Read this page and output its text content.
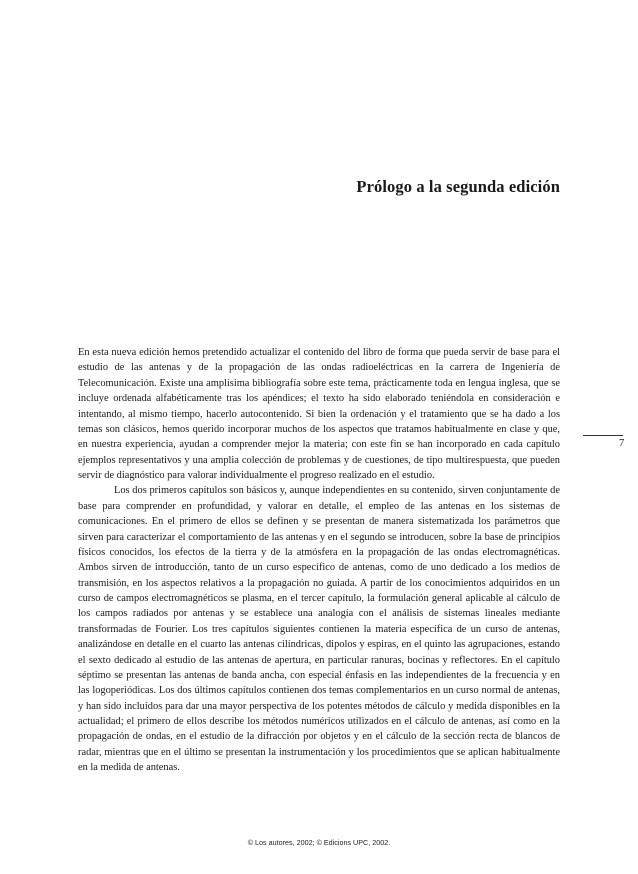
Prólogo a la segunda edición

En esta nueva edición hemos pretendido actualizar el contenido del libro de forma que pueda servir de base para el estudio de las antenas y de la propagación de las ondas radioeléctricas en la carrera de Ingeniería de Telecomunicación. Existe una amplísima bibliografía sobre este tema, prácticamente toda en lengua inglesa, que se incluye ordenada alfabéticamente tras los apéndices; el texto ha sido elaborado teniéndola en consideración e intentando, al mismo tiempo, hacerlo autocontenido. Si bien la ordenación y el tratamiento que se ha dado a los temas son clásicos, hemos querido incorporar muchos de los aspectos que tratamos habitualmente en clase y que, en nuestra experiencia, ayudan a comprender mejor la materia; con este fin se han incorporado en cada capítulo ejemplos representativos y una amplia colección de problemas y de cuestiones, de tipo multirespuesta, que pueden servir de diagnóstico para valorar individualmente el progreso realizado en el estudio.

Los dos primeros capítulos son básicos y, aunque independientes en su contenido, sirven conjuntamente de base para comprender en profundidad, y valorar en detalle, el empleo de las antenas en los sistemas de comunicaciones. En el primero de ellos se definen y se presentan de manera sistematizada los parámetros que sirven para caracterizar el comportamiento de las antenas y en el segundo se introducen, sobre la base de principios físicos conocidos, los efectos de la tierra y de la atmósfera en la propagación de las ondas electromagnéticas. Ambos sirven de introducción, tanto de un curso específico de antenas, como de uno dedicado a los medios de transmisión, en los aspectos relativos a la propagación no guiada. A partir de los conocimientos adquiridos en un curso de campos electromagnéticos se plasma, en el tercer capítulo, la formulación general aplicable al cálculo de los campos radiados por antenas y se establece una analogía con el análisis de sistemas lineales mediante transformadas de Fourier. Los tres capítulos siguientes contienen la materia específica de un curso de antenas, analizándose en detalle en el cuarto las antenas cilíndricas, dipolos y espiras, en el quinto las agrupaciones, estando el sexto dedicado al estudio de las antenas de apertura, en particular ranuras, bocinas y reflectores. En el capítulo séptimo se presentan las antenas de banda ancha, con especial énfasis en las independientes de la frecuencia y en las logoperiódicas. Los dos últimos capítulos contienen dos temas complementarios en un curso normal de antenas, y han sido incluidos para dar una mayor perspectiva de los potentes métodos de cálculo y medida disponibles en la actualidad; el primero de ellos describe los métodos numéricos utilizados en el cálculo de antenas, así como en la propagación de ondas, en el estudio de la difracción por objetos y en el cálculo de la sección recta de blancos de radar, mientras que en el último se presentan la instrumentación y los procedimientos que se aplican habitualmente en la medida de antenas.

7
© Los autores, 2002; © Edicions UPC, 2002.
